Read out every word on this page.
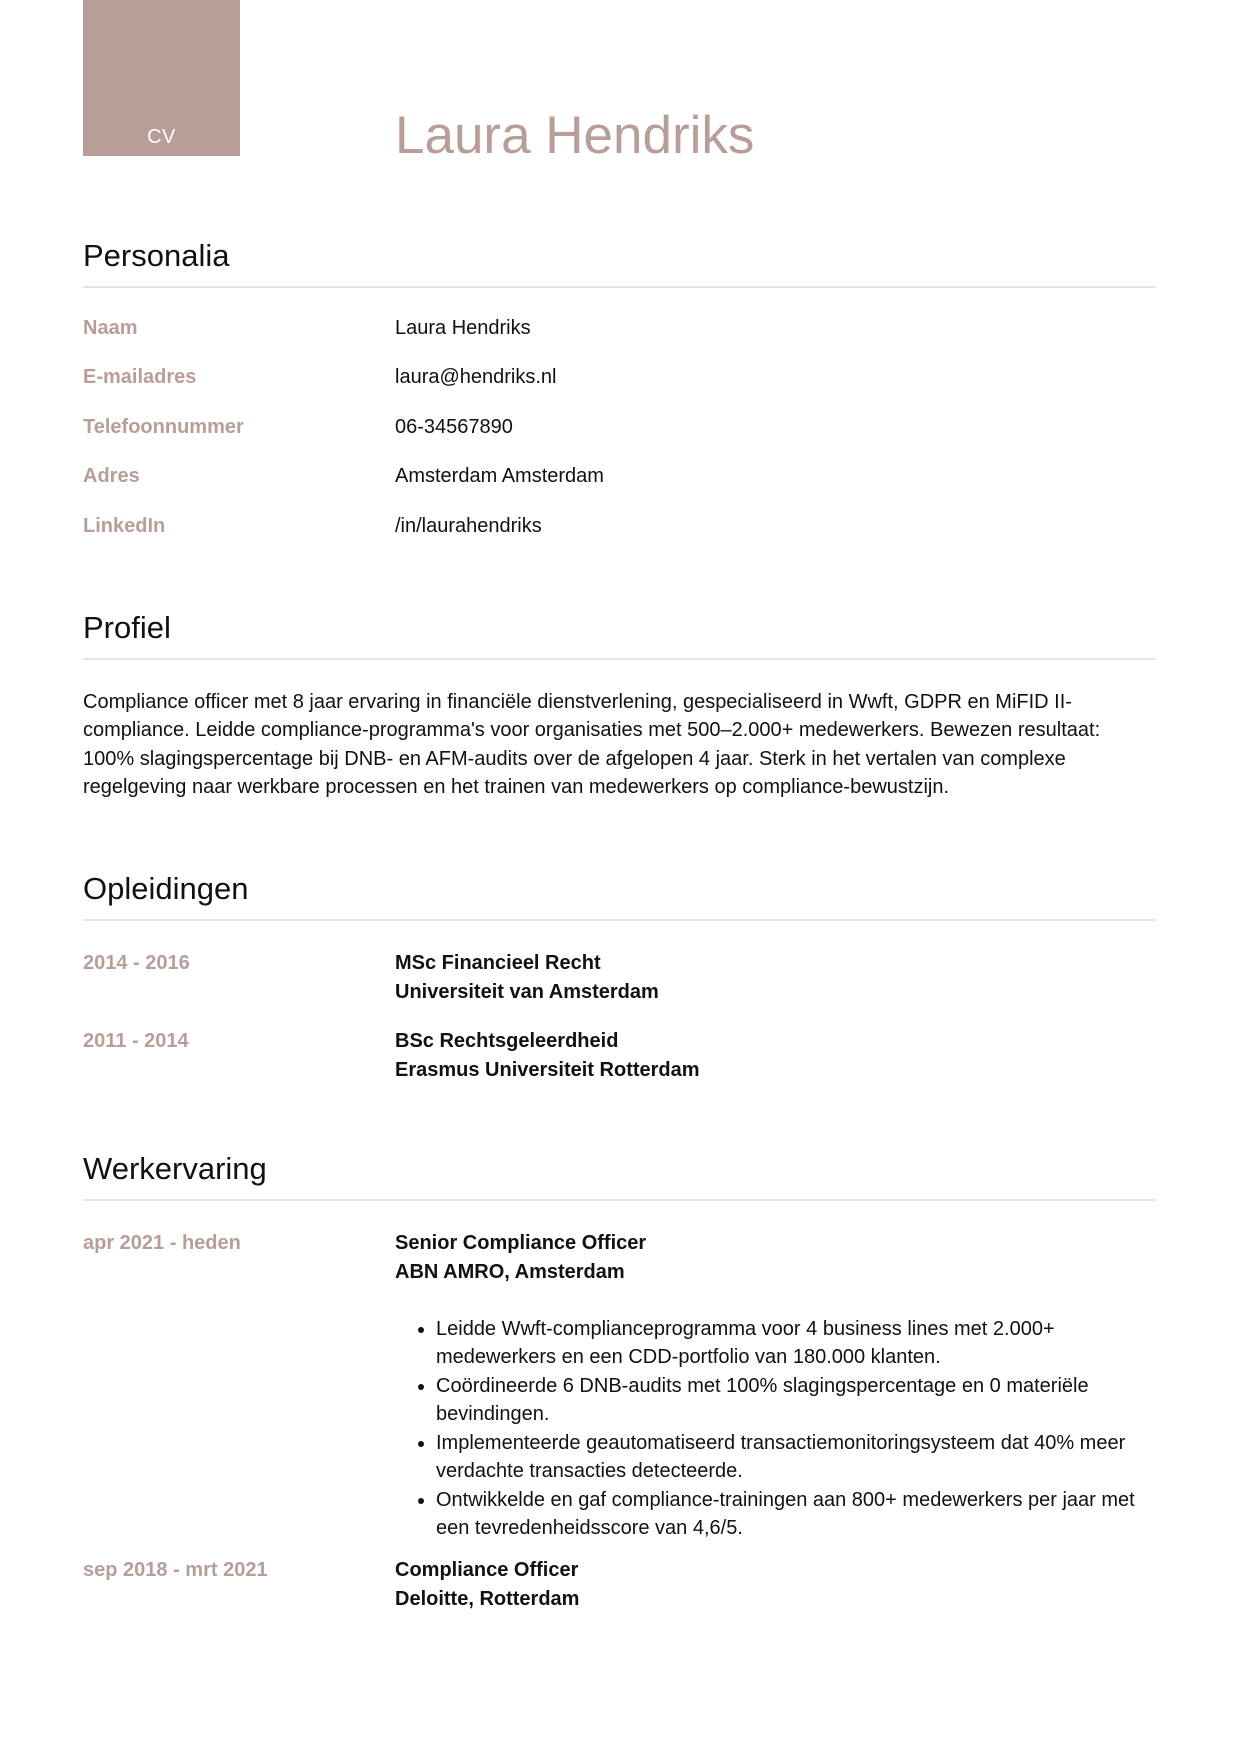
CV	Laura Hendriks
Personalia
Naam	Laura Hendriks
E-mailadres	laura@hendriks.nl
Telefoonnummer	06-34567890
Adres	Amsterdam Amsterdam
LinkedIn	/in/laurahendriks
Profiel
Compliance officer met 8 jaar ervaring in financiële dienstverlening, gespecialiseerd in Wwft, GDPR en MiFID II-compliance. Leidde compliance-programma's voor organisaties met 500–2.000+ medewerkers. Bewezen resultaat: 100% slagingspercentage bij DNB- en AFM-audits over de afgelopen 4 jaar. Sterk in het vertalen van complexe regelgeving naar werkbare processen en het trainen van medewerkers op compliance-bewustzijn.
Opleidingen
2014 - 2016	MSc Financieel Recht
Universiteit van Amsterdam
2011 - 2014	BSc Rechtsgeleerdheid
Erasmus Universiteit Rotterdam
Werkervaring
apr 2021 - heden	Senior Compliance Officer
ABN AMRO, Amsterdam
• Leidde Wwft-complianceprogramma voor 4 business lines met 2.000+ medewerkers en een CDD-portfolio van 180.000 klanten.
• Coördineerde 6 DNB-audits met 100% slagingspercentage en 0 materiële bevindingen.
• Implementeerde geautomatiseerd transactiemonitoringsysteem dat 40% meer verdachte transacties detecteerde.
• Ontwikkelde en gaf compliance-trainingen aan 800+ medewerkers per jaar met een tevredenheidsscore van 4,6/5.
sep 2018 - mrt 2021	Compliance Officer
Deloitte, Rotterdam
